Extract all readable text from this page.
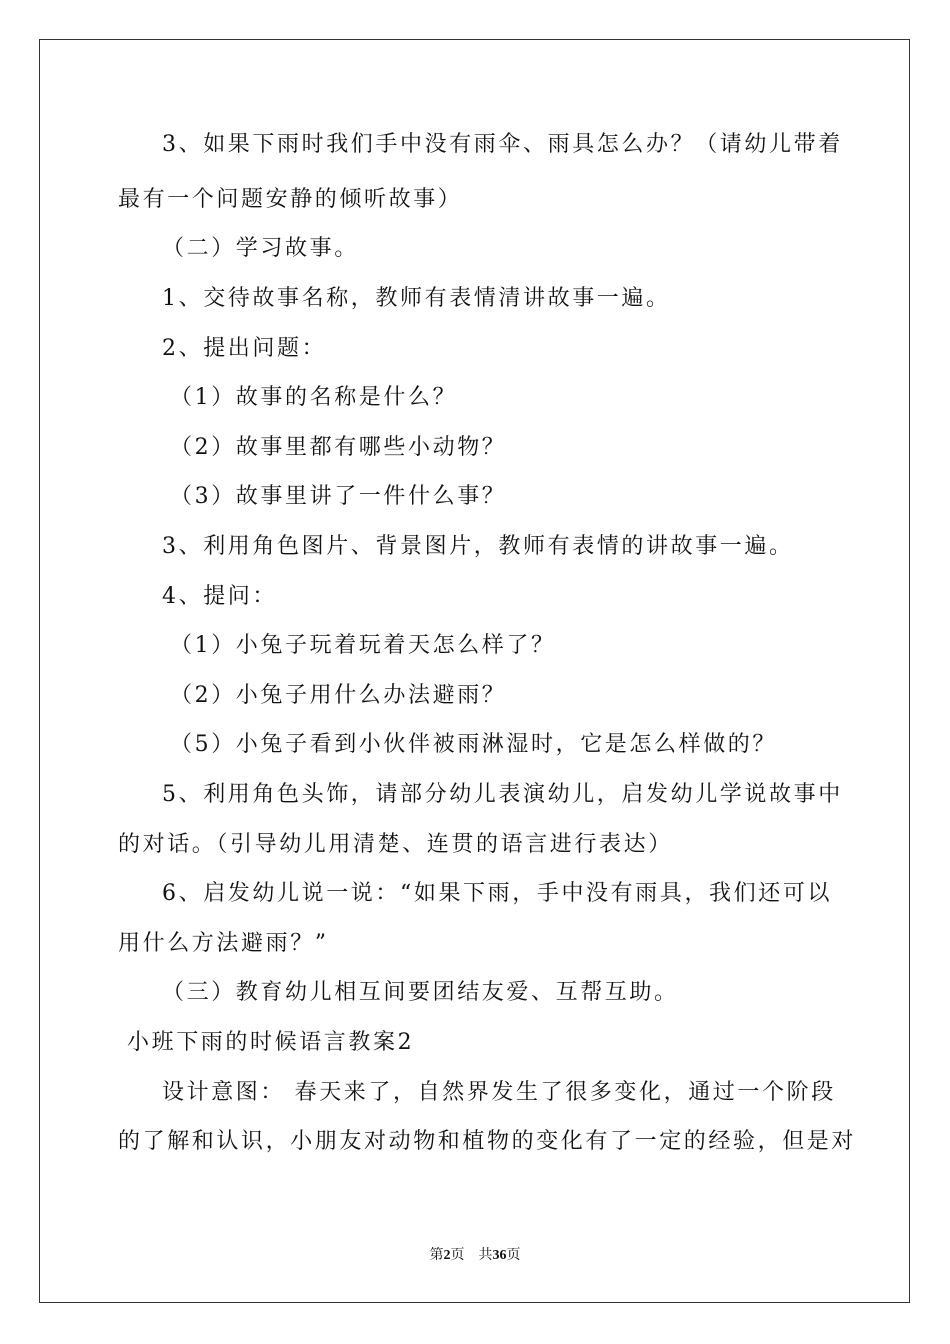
3、如果下雨时我们手中没有雨伞、雨具怎么办？（请幼儿带着
最有一个问题安静的倾听故事）
（二）学习故事。
1、交待故事名称，教师有表情清讲故事一遍。
2、提出问题：
（1）故事的名称是什么？
（2）故事里都有哪些小动物？
（3）故事里讲了一件什么事？
3、利用角色图片、背景图片，教师有表情的讲故事一遍。
4、提问：
（1）小兔子玩着玩着天怎么样了？
（2）小兔子用什么办法避雨？
（5）小兔子看到小伙伴被雨淋湿时，它是怎么样做的？
5、利用角色头饰，请部分幼儿表演幼儿，启发幼儿学说故事中
的对话。（引导幼儿用清楚、连贯的语言进行表达）
6、启发幼儿说一说：“如果下雨，手中没有雨具，我们还可以
用什么方法避雨？”
（三）教育幼儿相互间要团结友爱、互帮互助。
小班下雨的时候语言教案2
设计意图： 春天来了，自然界发生了很多变化，通过一个阶段
的了解和认识，小朋友对动物和植物的变化有了一定的经验，但是对
第2页　共36页
